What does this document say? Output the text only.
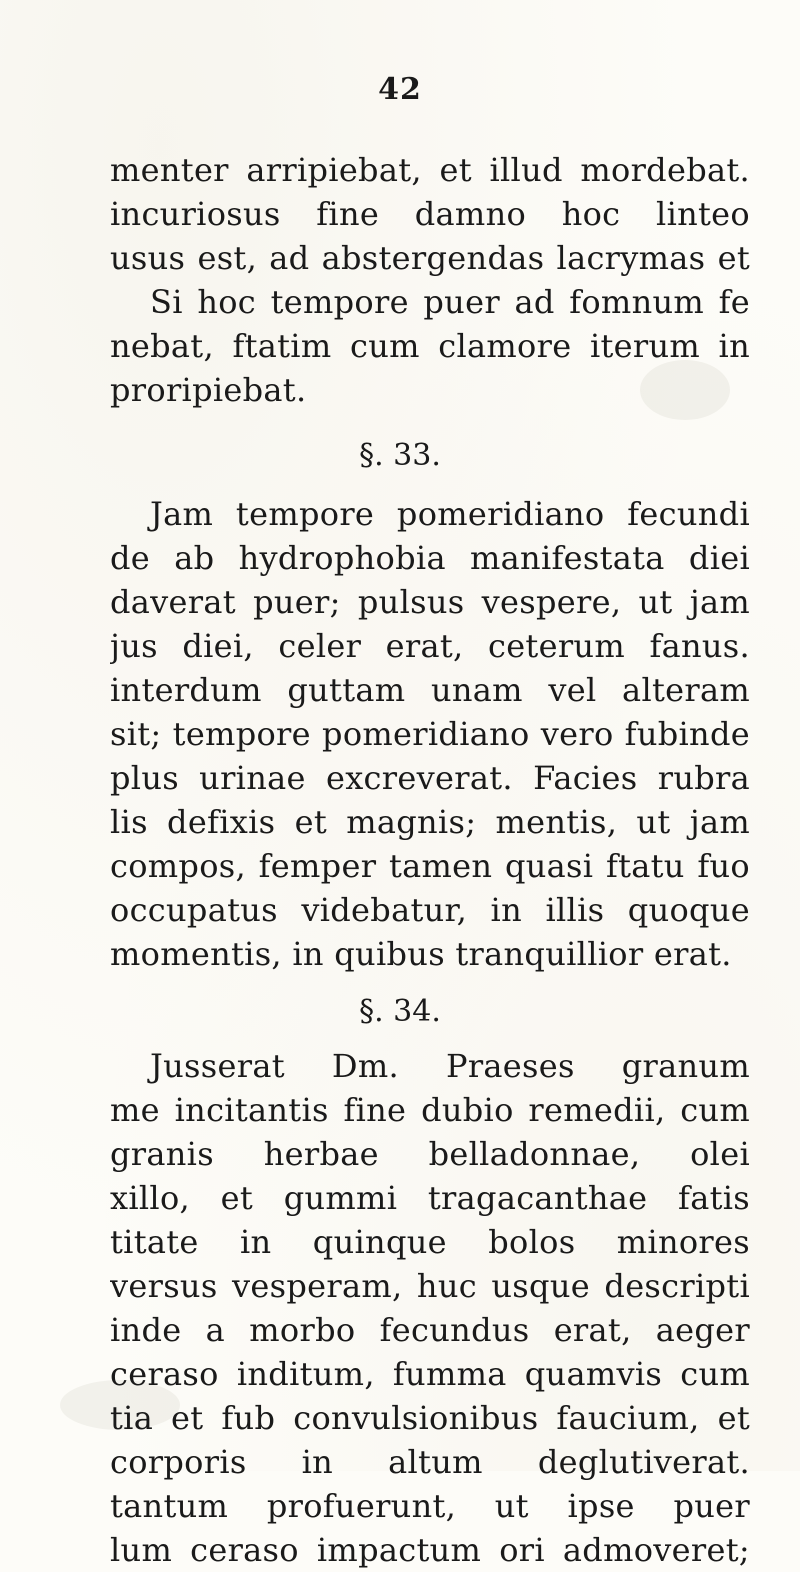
42
menter arripiebat, et illud mordebat.
incuriosus fine damno hoc linteo
usus est, ad abstergendas lacrymas et
Si hoc tempore puer ad fomnum fe
nebat, ftatim cum clamore iterum in
proripiebat.
§. 33.
Jam tempore pomeridiano fecundi
de ab hydrophobia manifestata diei
daverat puer; pulsus vespere, ut jam
jus diei, celer erat, ceterum fanus.
interdum guttam unam vel alteram
sit; tempore pomeridiano vero fubinde
plus urinae excreverat. Facies rubra
lis defixis et magnis; mentis, ut jam
compos, femper tamen quasi ftatu fuo
occupatus videbatur, in illis quoque
momentis, in quibus tranquillior erat.
§. 34.
Jusserat Dm. Praeses granum
me incitantis fine dubio remedii, cum
granis herbae belladonnae, olei
xillo, et gummi tragacanthae fatis
titate in quinque bolos minores
versus vesperam, huc usque descripti
inde a morbo fecundus erat, aeger
ceraso inditum, fumma quamvis cum
tia et fub convulsionibus faucium, et
corporis in altum deglutiverat.
tantum profuerunt, ut ipse puer
lum ceraso impactum ori admoveret;
